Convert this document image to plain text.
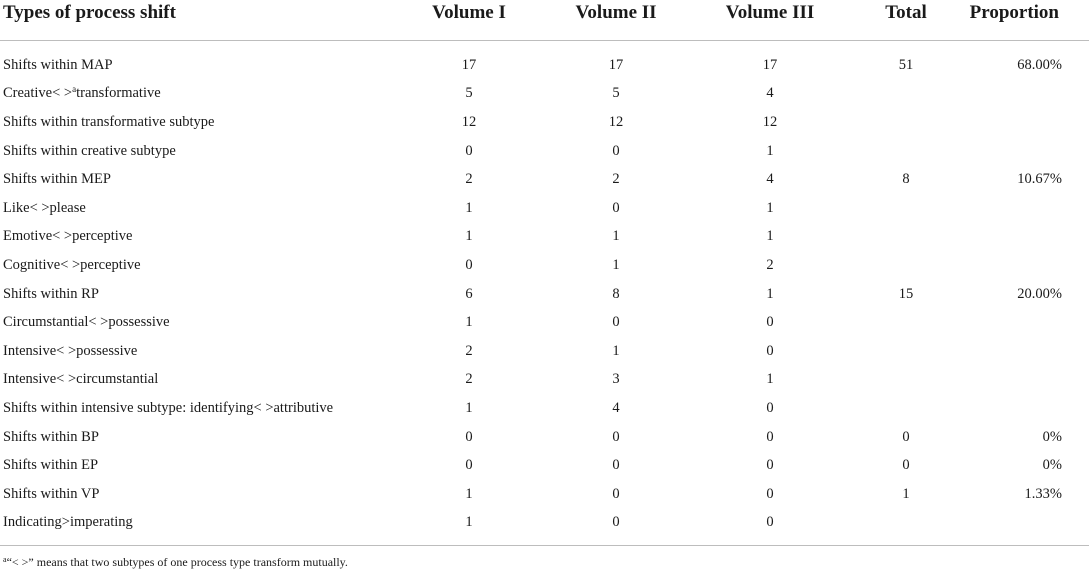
Types of process shift	Volume I	Volume II	Volume III	Total	Proportion
Shifts within MAP	17	17	17	51	68.00%
Creative< >$^a$transformative	5	5	4		
Shifts within transformative subtype	12	12	12		
Shifts within creative subtype	0	0	1		
Shifts within MEP	2	2	4	8	10.67%
Like< >please	1	0	1		
Emotive< >perceptive	1	1	1		
Cognitive< >perceptive	0	1	2		
Shifts within RP	6	8	1	15	20.00%
Circumstantial< >possessive	1	0	0		
Intensive< >possessive	2	1	0		
Intensive< >circumstantial	2	3	1		
Shifts within intensive subtype: identifying< >attributive	1	4	0		
Shifts within BP	0	0	0	0	0%
Shifts within EP	0	0	0	0	0%
Shifts within VP	1	0	0	1	1.33%
Indicating>imperating	1	0	0		
$^a$“< >” means that two subtypes of one process type transform mutually.
